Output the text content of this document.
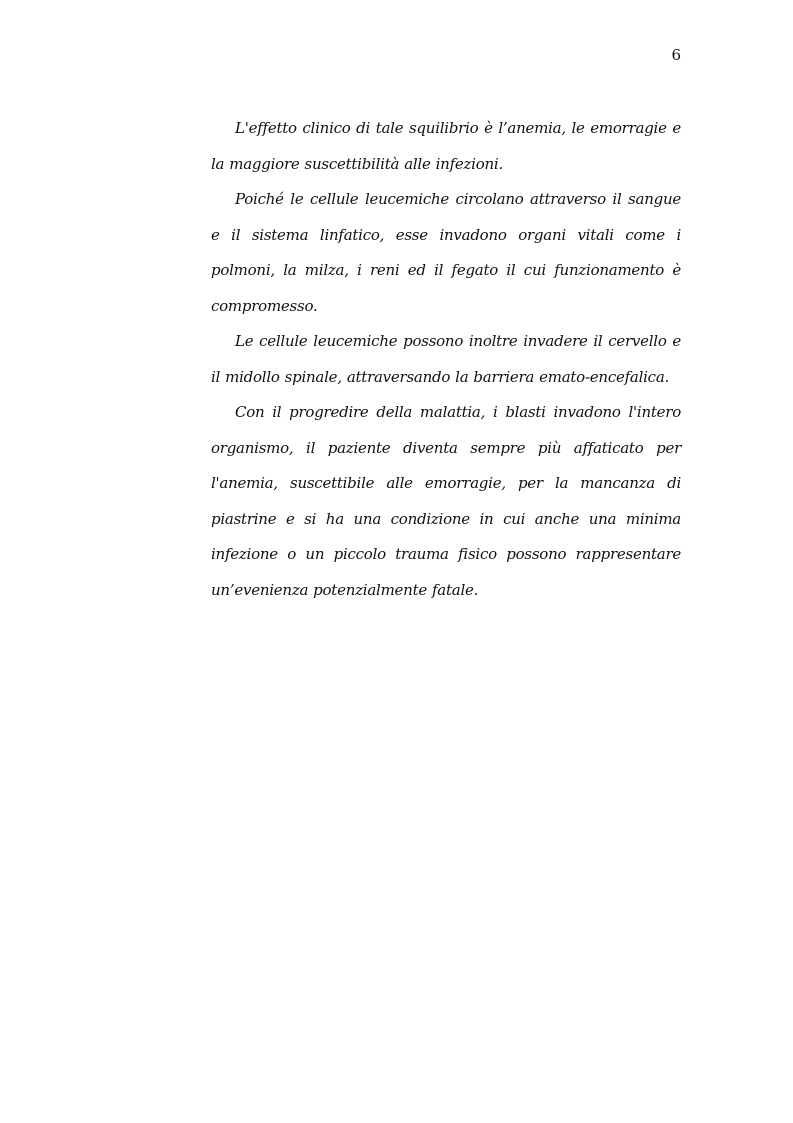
6

L'effetto clinico di tale squilibrio è l’anemia, le emorragie e la maggiore suscettibilità alle infezioni.

Poiché le cellule leucemiche circolano attraverso il sangue e il sistema linfatico, esse invadono organi vitali come i polmoni, la milza, i reni ed il fegato il cui funzionamento è compromesso.

Le cellule leucemiche possono inoltre invadere il cervello e il midollo spinale, attraversando la barriera emato-encefalica.

Con il progredire della malattia, i blasti invadono l'intero organismo, il paziente diventa sempre più affaticato per l'anemia, suscettibile alle emorragie, per la mancanza di piastrine e si ha una condizione in cui anche una minima infezione o un piccolo trauma fisico possono rappresentare un’evenienza potenzialmente fatale.
